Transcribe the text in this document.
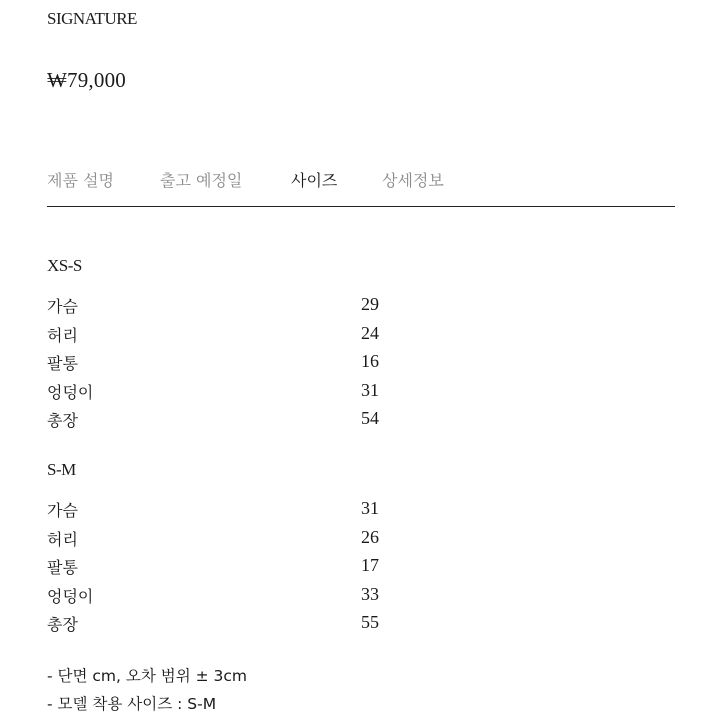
SIGNATURE
₩79,000
제품 설명	출고 예정일	사이즈	상세정보
XS-S
가슴	29
허리	24
팔통	16
엉덩이	31
총장	54
S-M
가슴	31
허리	26
팔통	17
엉덩이	33
총장	55
- 단면 cm, 오차 범위 ± 3cm
- 모델 착용 사이즈 : S-M
